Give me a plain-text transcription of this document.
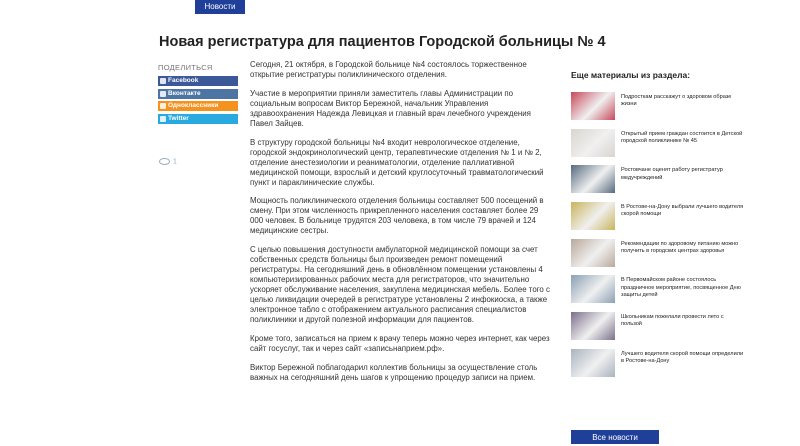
Новости
Новая регистратура для пациентов Городской больницы № 4
ПОДЕЛИТЬСЯ
Facebook
Вконтакте
Одноклассники
Twitter
1

Сегодня, 21 октября, в Городской больнице №4 состоялось торжественное открытие регистратуры поликлинического отделения.

Участие в мероприятии приняли заместитель главы Администрации по социальным вопросам Виктор Бережной, начальник Управления здравоохранения Надежда Левицкая и главный врач лечебного учреждения Павел Зайцев.

В структуру городской больницы №4 входит неврологическое отделение, городской эндокринологический центр, терапевтические отделения № 1 и № 2, отделение анестезиологии и реаниматологии, отделение паллиативной медицинской помощи, взрослый и детский круглосуточный травматологический пункт и параклинические службы.

Мощность поликлинического отделения больницы составляет 500 посещений в смену. При этом численность прикрепленного населения составляет более 29 000 человек. В больнице трудятся 203 человека, в том числе 79 врачей и 124 медицинские сестры.

С целью повышения доступности амбулаторной медицинской помощи за счет собственных средств больницы был произведен ремонт помещений регистратуры. На сегодняшний день в обновлённом помещении установлены 4 компьютеризированных рабочих места для регистраторов, что значительно ускоряет обслуживание населения, закуплена медицинская мебель. Более того с целью ликвидации очередей в регистратуре установлены 2 инфокиоска, а также электронное табло с отображением актуального расписания специалистов поликлиники и другой полезной информации для пациентов.

Кроме того, записаться на прием к врачу теперь можно через интернет, как через сайт госуслуг, так и через сайт «записьнаприем.рф».

Виктор Бережной поблагодарил коллектив больницы за осуществление столь важных на сегодняшний день шагов к упрощению процедур записи на прием.

Еще материалы из раздела:
Подросткам расскажут о здоровом образе жизни
Открытый прием граждан состоится в Детской городской поликлинике № 45
Ростовчане оценят работу регистратур медучреждений
В Ростове-на-Дону выбрали лучшего водителя скорой помощи
Рекомендации по здоровому питанию можно получить в городских центрах здоровья
В Первомайском районе состоялось праздничное мероприятие, посвященное Дню защиты детей
Школьникам пожелали провести лето с пользой
Лучшего водителя скорой помощи определили в Ростове-на-Дону
Все новости
